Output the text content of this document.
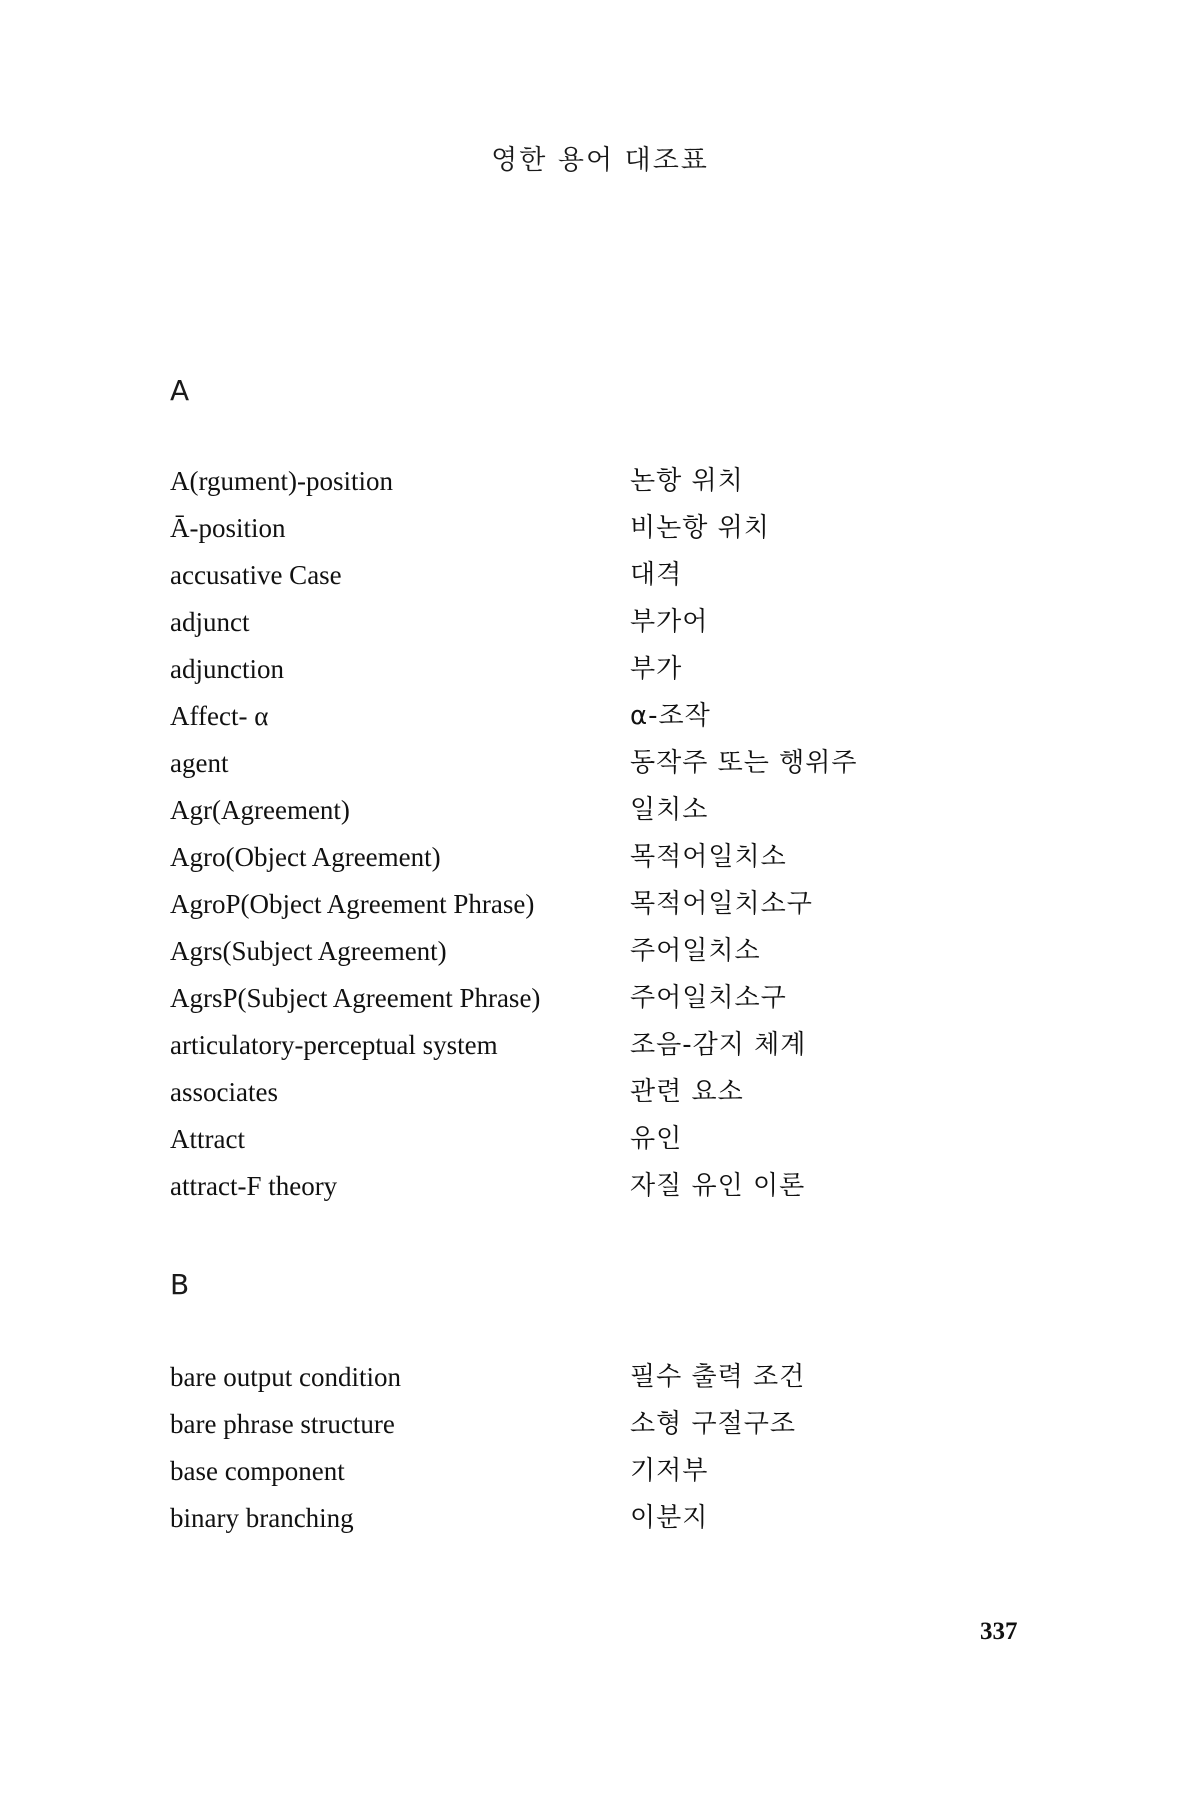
영한 용어 대조표
A
A(rgument)-position	논항 위치
Ā-position	비논항 위치
accusative Case	대격
adjunct	부가어
adjunction	부가
Affect- α	α-조작
agent	동작주 또는 행위주
Agr(Agreement)	일치소
Agro(Object Agreement)	목적어일치소
AgroP(Object Agreement Phrase)	목적어일치소구
Agrs(Subject Agreement)	주어일치소
AgrsP(Subject Agreement Phrase)	주어일치소구
articulatory-perceptual system	조음-감지 체계
associates	관련 요소
Attract	유인
attract-F theory	자질 유인 이론
B
bare output condition	필수 출력 조건
bare phrase structure	소형 구절구조
base component	기저부
binary branching	이분지
337
